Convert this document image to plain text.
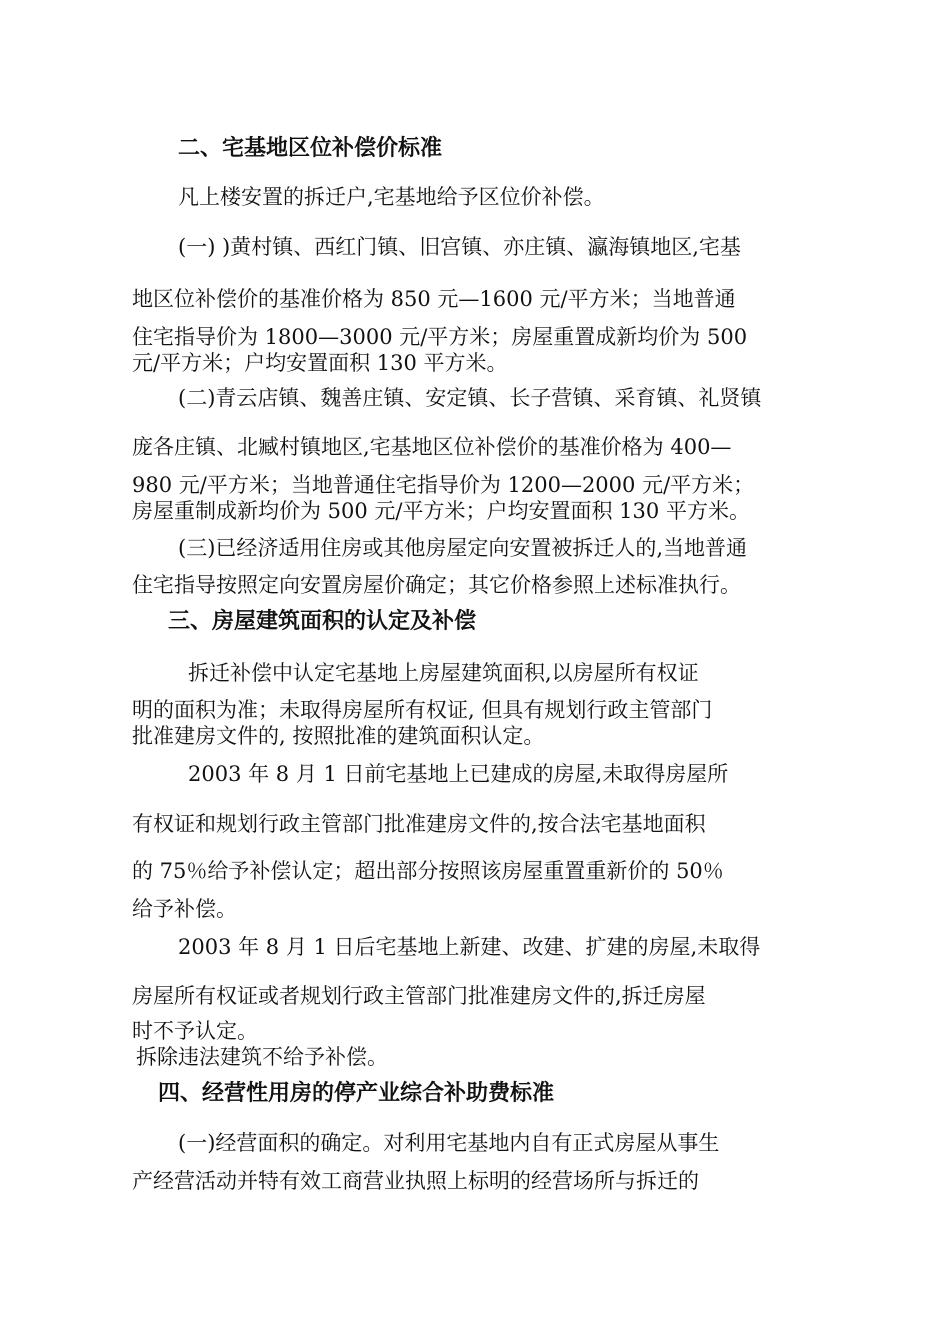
二、宅基地区位补偿价标准
凡上楼安置的拆迁户,宅基地给予区位价补偿。
(一) )黄村镇、西红门镇、旧宫镇、亦庄镇、瀛海镇地区,宅基
地区位补偿价的基准价格为 850 元—1600 元/平方米；当地普通
住宅指导价为 1800—3000 元/平方米；房屋重置成新均价为 500
元/平方米；户均安置面积 130 平方米。
(二)青云店镇、魏善庄镇、安定镇、长子营镇、采育镇、礼贤镇
庞各庄镇、北臧村镇地区,宅基地区位补偿价的基准价格为 400—
980 元/平方米；当地普通住宅指导价为 1200—2000 元/平方米；
房屋重制成新均价为 500 元/平方米；户均安置面积 130 平方米。
(三)已经济适用住房或其他房屋定向安置被拆迁人的,当地普通
住宅指导按照定向安置房屋价确定；其它价格参照上述标准执行。
三、房屋建筑面积的认定及补偿
拆迁补偿中认定宅基地上房屋建筑面积,以房屋所有权证
明的面积为准；未取得房屋所有权证, 但具有规划行政主管部门
批准建房文件的, 按照批准的建筑面积认定。
2003 年 8 月 1 日前宅基地上已建成的房屋,未取得房屋所
有权证和规划行政主管部门批准建房文件的,按合法宅基地面积
的 75％给予补偿认定；超出部分按照该房屋重置重新价的 50％
给予补偿。
2003 年 8 月 1 日后宅基地上新建、改建、扩建的房屋,未取得
房屋所有权证或者规划行政主管部门批准建房文件的,拆迁房屋
时不予认定。
拆除违法建筑不给予补偿。
四、经营性用房的停产业综合补助费标准
(一)经营面积的确定。对利用宅基地内自有正式房屋从事生
产经营活动并特有效工商营业执照上标明的经营场所与拆迁的
